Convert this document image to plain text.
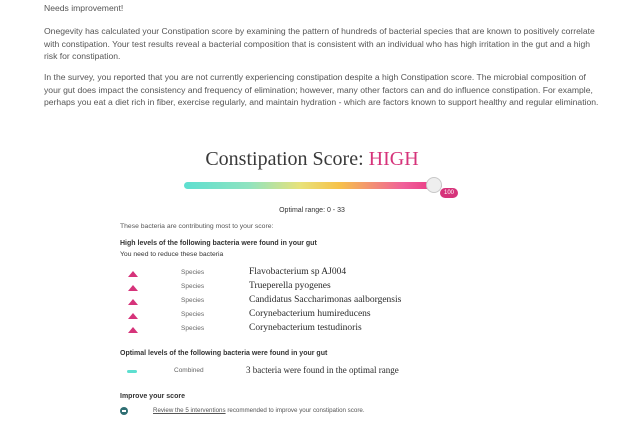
Needs improvement!

Onegevity has calculated your Constipation score by examining the pattern of hundreds of bacterial species that are known to positively correlate with constipation. Your test results reveal a bacterial composition that is consistent with an individual who has high irritation in the gut and a high risk for constipation.

In the survey, you reported that you are not currently experiencing constipation despite a high Constipation score. The microbial composition of your gut does impact the consistency and frequency of elimination; however, many other factors can and do influence constipation. For example, perhaps you eat a diet rich in fiber, exercise regularly, and maintain hydration - which are factors known to support healthy and regular elimination.

Constipation Score: HIGH
100
Optimal range: 0 - 33
These bacteria are contributing most to your score:
High levels of the following bacteria were found in your gut
You need to reduce these bacteria
Species	Flavobacterium sp AJ004
Species	Trueperella pyogenes
Species	Candidatus Saccharimonas aalborgensis
Species	Corynebacterium humireducens
Species	Corynebacterium testudinoris
Optimal levels of the following bacteria were found in your gut
Combined	3 bacteria were found in the optimal range
Improve your score
Review the 5 interventions recommended to improve your constipation score.
